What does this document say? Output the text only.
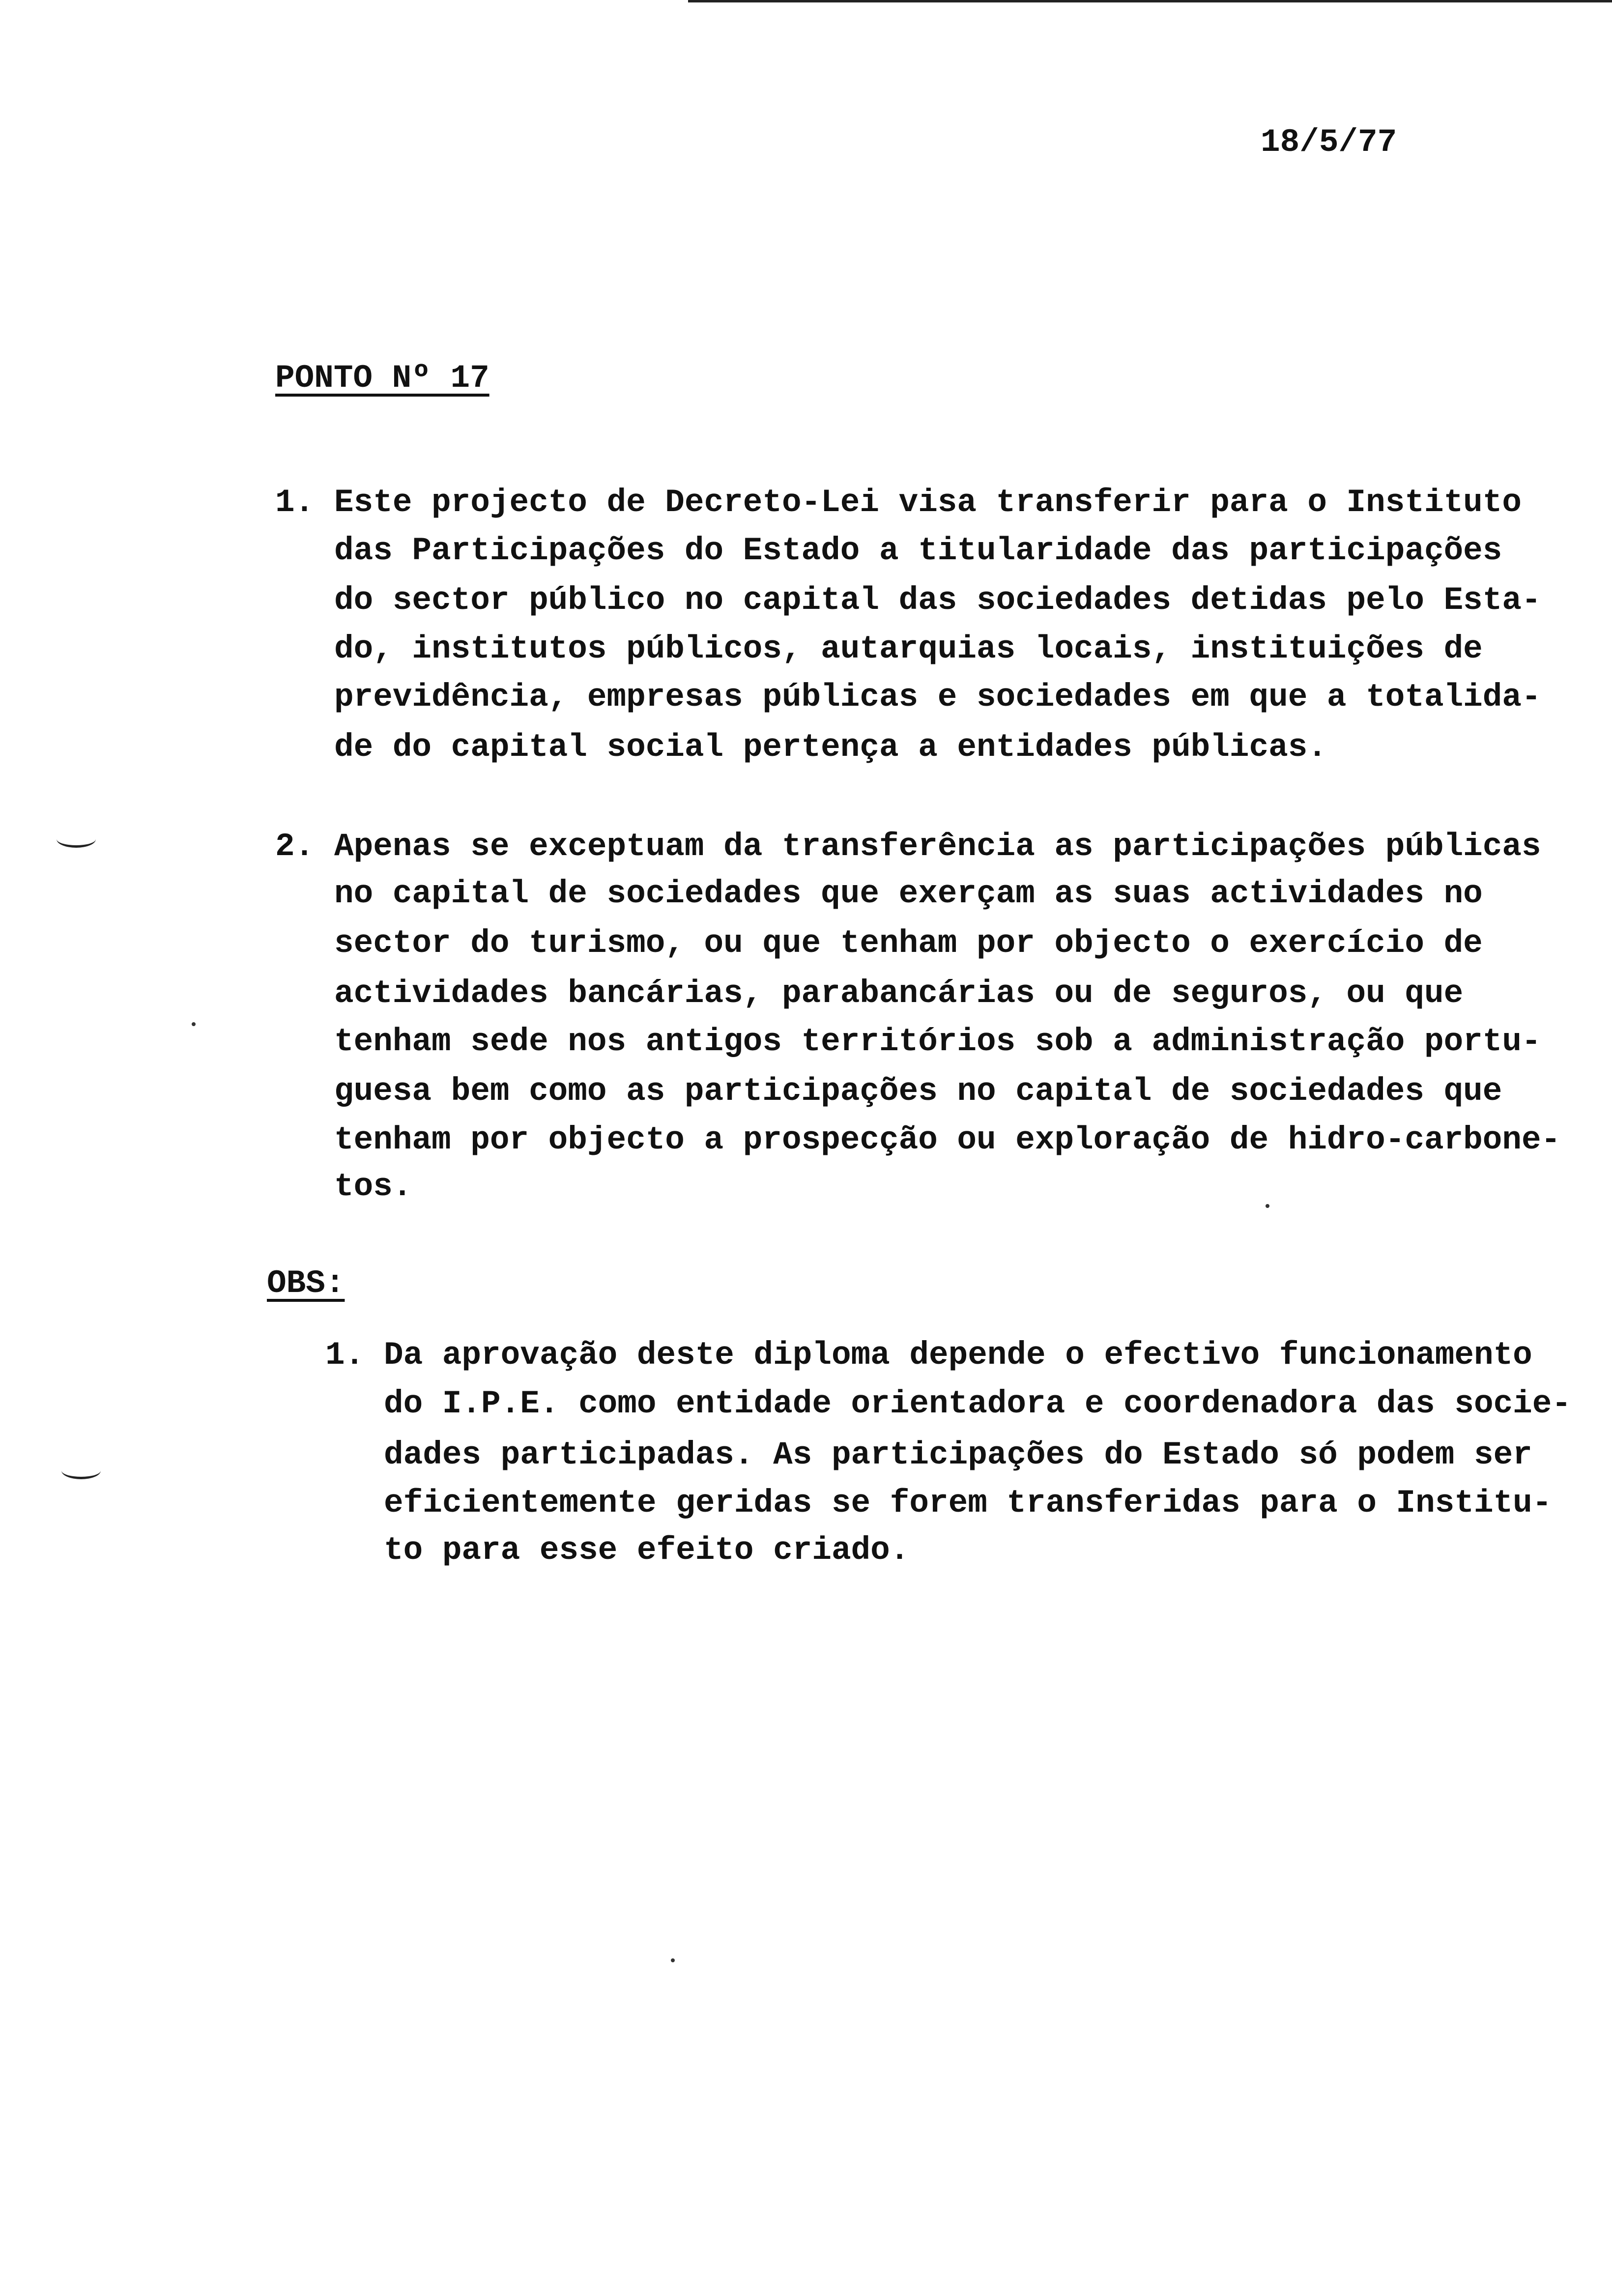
18/5/77
PONTO Nº 17
OBS:
1. Este projecto de Decreto-Lei visa transferir para o Instituto
das Participações do Estado a titularidade das participações
do sector público no capital das sociedades detidas pelo Esta-
do, institutos públicos, autarquias locais, instituições de
previdência, empresas públicas e sociedades em que a totalida-
de do capital social pertença a entidades públicas.
2. Apenas se exceptuam da transferência as participações públicas
no capital de sociedades que exerçam as suas actividades no
sector do turismo, ou que tenham por objecto o exercício de
actividades bancárias, parabancárias ou de seguros, ou que
tenham sede nos antigos territórios sob a administração portu-
guesa bem como as participações no capital de sociedades que
tenham por objecto a prospecção ou exploração de hidro-carbone-
tos.
1. Da aprovação deste diploma depende o efectivo funcionamento
do I.P.E. como entidade orientadora e coordenadora das socie-
dades participadas. As participações do Estado só podem ser
eficientemente geridas se forem transferidas para o Institu-
to para esse efeito criado.
